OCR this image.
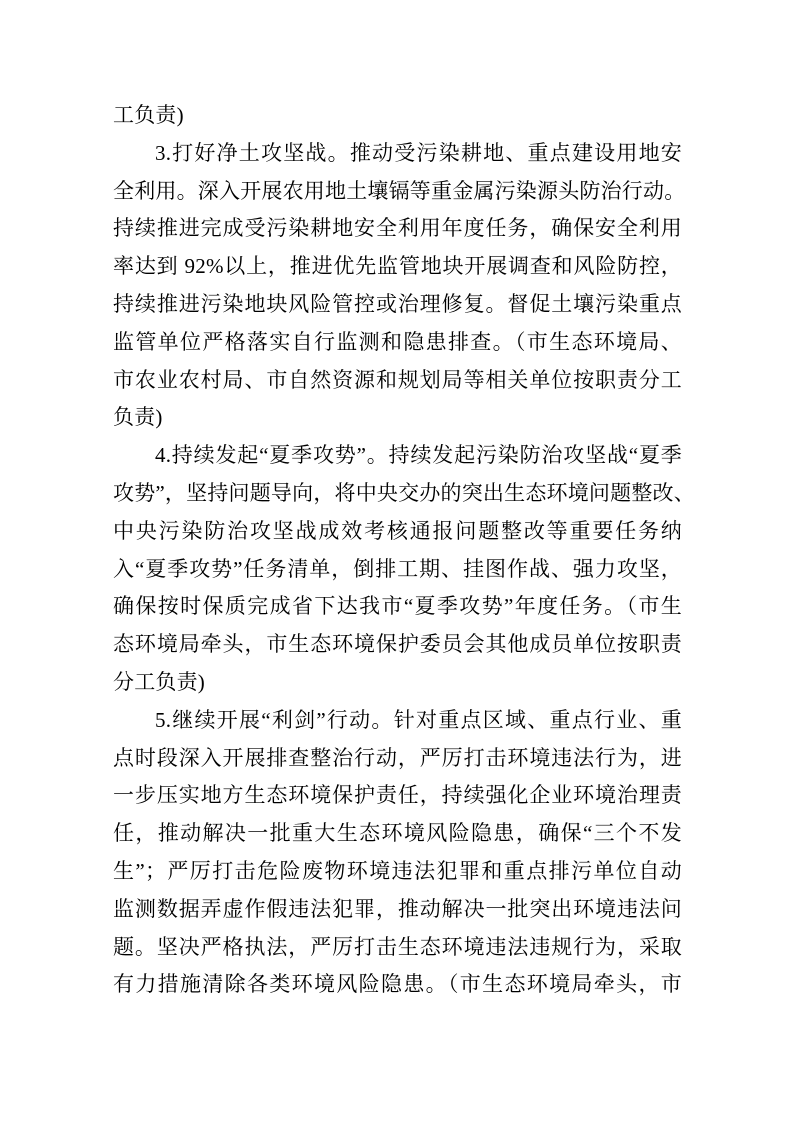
工负责)
3.打好净土攻坚战。推动受污染耕地、重点建设用地安
全利用。深入开展农用地土壤镉等重金属污染源头防治行动。
持续推进完成受污染耕地安全利用年度任务，确保安全利用
率达到 92%以上，推进优先监管地块开展调查和风险防控，
持续推进污染地块风险管控或治理修复。督促土壤污染重点
监管单位严格落实自行监测和隐患排查。（市生态环境局、
市农业农村局、市自然资源和规划局等相关单位按职责分工
负责)
4.持续发起“夏季攻势”。持续发起污染防治攻坚战“夏季
攻势”，坚持问题导向，将中央交办的突出生态环境问题整改、
中央污染防治攻坚战成效考核通报问题整改等重要任务纳
入“夏季攻势”任务清单，倒排工期、挂图作战、强力攻坚，
确保按时保质完成省下达我市“夏季攻势”年度任务。（市生
态环境局牵头，市生态环境保护委员会其他成员单位按职责
分工负责)
5.继续开展“利剑”行动。针对重点区域、重点行业、重
点时段深入开展排查整治行动，严厉打击环境违法行为，进
一步压实地方生态环境保护责任，持续强化企业环境治理责
任，推动解决一批重大生态环境风险隐患，确保“三个不发
生”；严厉打击危险废物环境违法犯罪和重点排污单位自动
监测数据弄虚作假违法犯罪，推动解决一批突出环境违法问
题。坚决严格执法，严厉打击生态环境违法违规行为，采取
有力措施清除各类环境风险隐患。（市生态环境局牵头，市
